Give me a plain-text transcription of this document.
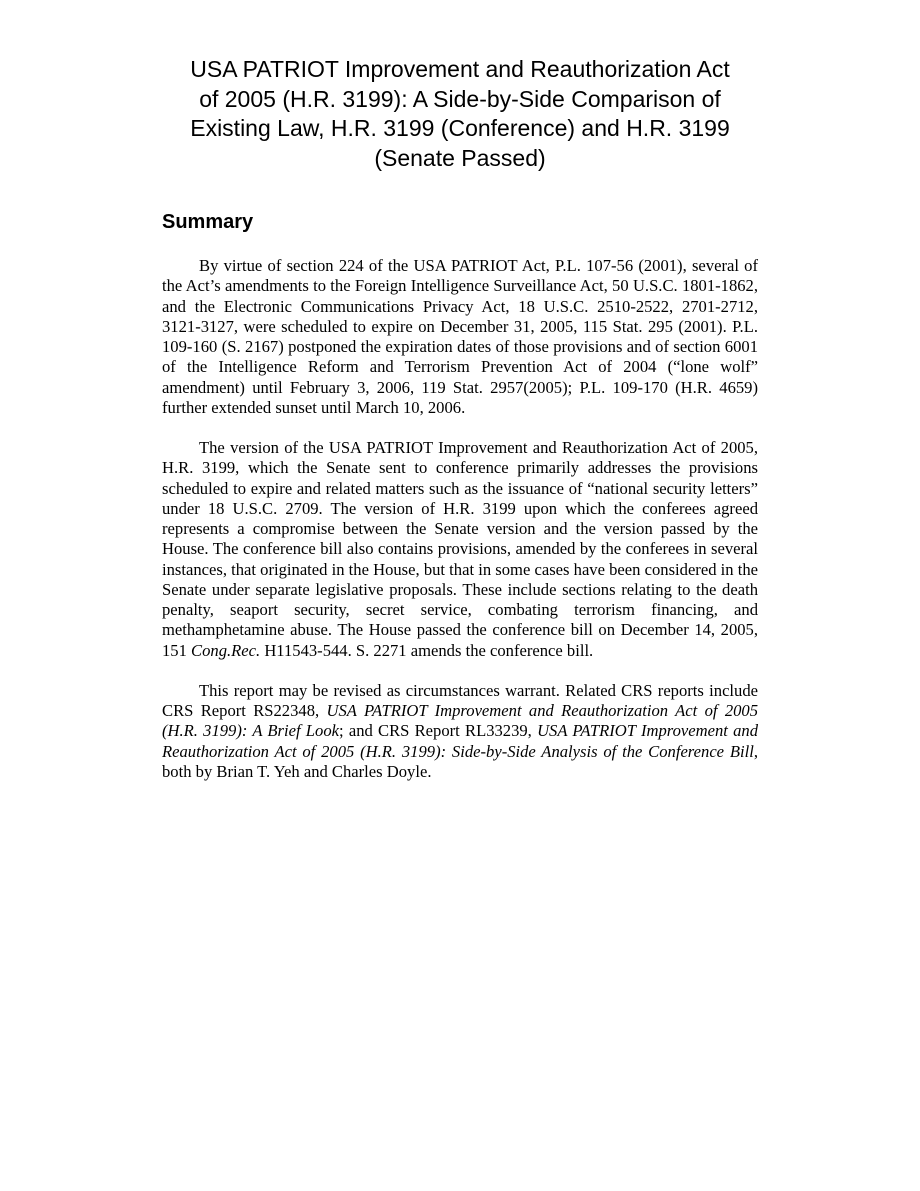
USA PATRIOT Improvement and Reauthorization Act
of 2005 (H.R. 3199): A Side-by-Side Comparison of
Existing Law, H.R. 3199 (Conference) and H.R. 3199
(Senate Passed)
Summary

By virtue of section 224 of the USA PATRIOT Act, P.L. 107-56 (2001), several of the Act’s amendments to the Foreign Intelligence Surveillance Act, 50 U.S.C. 1801-1862, and the Electronic Communications Privacy Act, 18 U.S.C. 2510-2522, 2701-2712, 3121-3127, were scheduled to expire on December 31, 2005, 115 Stat. 295 (2001). P.L. 109-160 (S. 2167) postponed the expiration dates of those provisions and of section 6001 of the Intelligence Reform and Terrorism Prevention Act of 2004 (“lone wolf” amendment) until February 3, 2006, 119 Stat. 2957(2005); P.L. 109-170 (H.R. 4659) further extended sunset until March 10, 2006.

The version of the USA PATRIOT Improvement and Reauthorization Act of 2005, H.R. 3199, which the Senate sent to conference primarily addresses the provisions scheduled to expire and related matters such as the issuance of “national security letters” under 18 U.S.C. 2709. The version of H.R. 3199 upon which the conferees agreed represents a compromise between the Senate version and the version passed by the House. The conference bill also contains provisions, amended by the conferees in several instances, that originated in the House, but that in some cases have been considered in the Senate under separate legislative proposals. These include sections relating to the death penalty, seaport security, secret service, combating terrorism financing, and methamphetamine abuse. The House passed the conference bill on December 14, 2005, 151 Cong.Rec. H11543-544. S. 2271 amends the conference bill.

This report may be revised as circumstances warrant. Related CRS reports include CRS Report RS22348, USA PATRIOT Improvement and Reauthorization Act of 2005 (H.R. 3199): A Brief Look; and CRS Report RL33239, USA PATRIOT Improvement and Reauthorization Act of 2005 (H.R. 3199): Side-by-Side Analysis of the Conference Bill, both by Brian T. Yeh and Charles Doyle.
